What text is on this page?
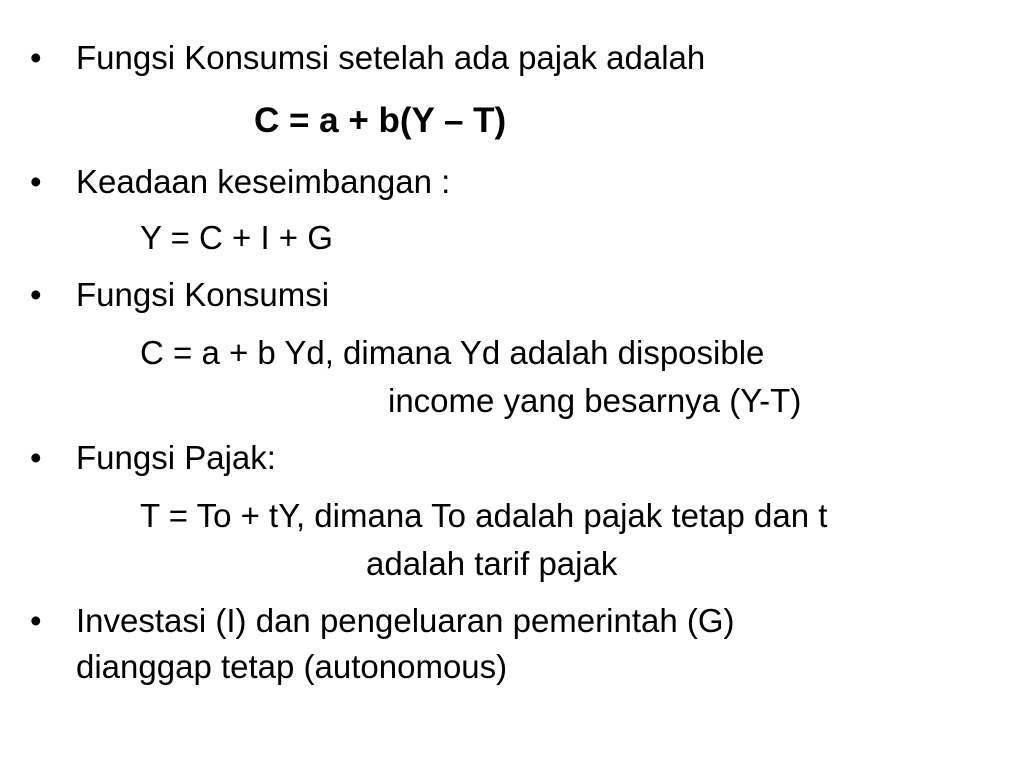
• Fungsi Konsumsi setelah ada pajak adalah
C = a + b(Y – T)
• Keadaan keseimbangan :
Y = C + I + G
• Fungsi Konsumsi
C = a + b Yd, dimana Yd adalah disposible
income yang besarnya (Y-T)
• Fungsi Pajak:
T = To + tY, dimana To adalah pajak tetap dan t
adalah tarif pajak
• Investasi (I) dan pengeluaran pemerintah (G)
dianggap tetap (autonomous)
